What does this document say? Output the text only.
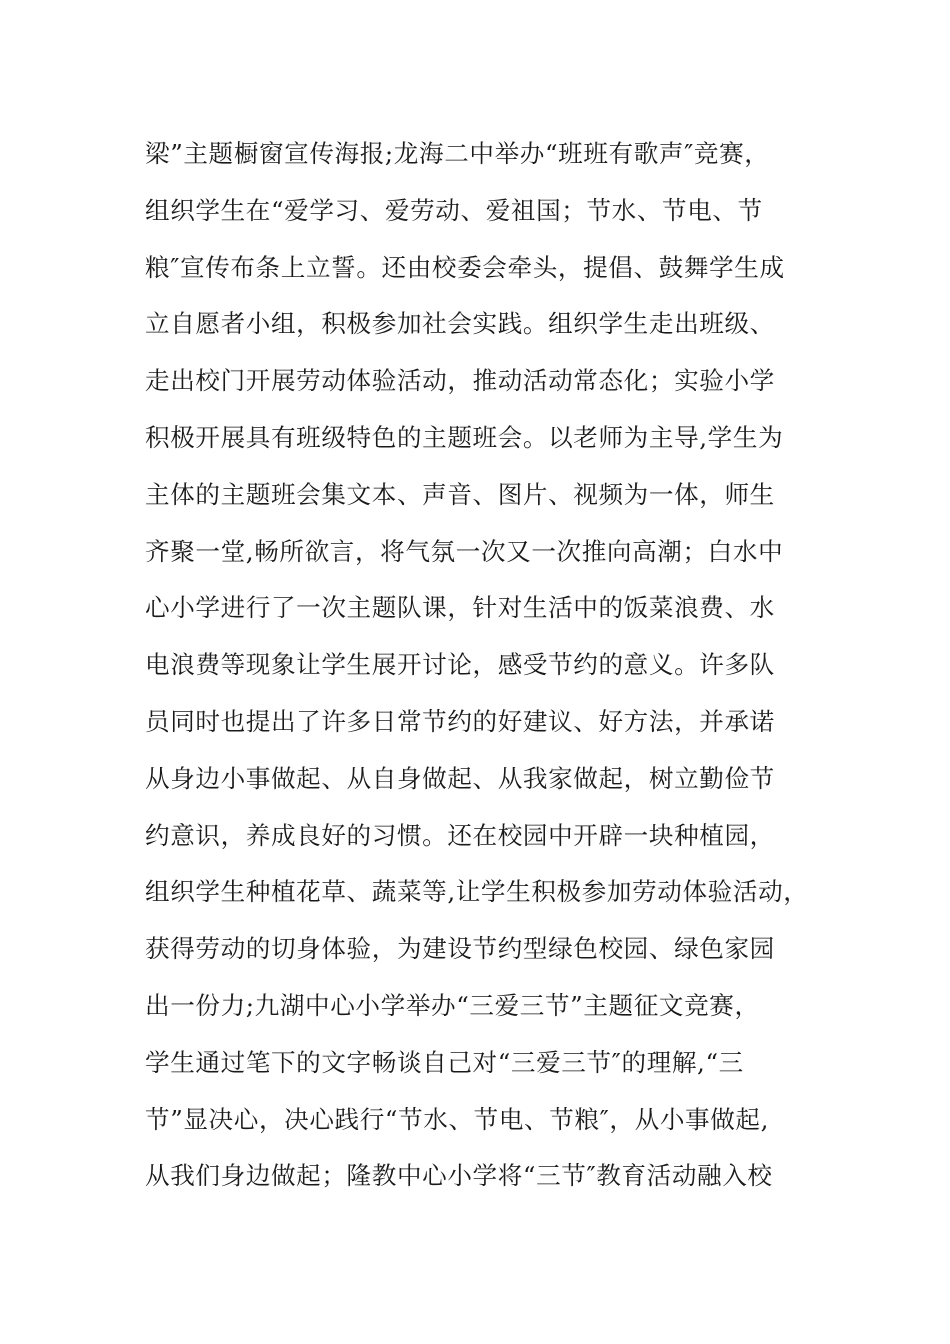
梁”主题橱窗宣传海报;龙海二中举办“班班有歌声″竞赛，
组织学生在“爱学习、爱劳动、爱祖国；节水、节电、节
粮″宣传布条上立誓。还由校委会牵头，提倡、鼓舞学生成
立自愿者小组，积极参加社会实践。组织学生走出班级、
走出校门开展劳动体验活动，推动活动常态化；实验小学
积极开展具有班级特色的主题班会。以老师为主导,学生为
主体的主题班会集文本、声音、图片、视频为一体，师生
齐聚一堂,畅所欲言，将气氛一次又一次推向高潮；白水中
心小学进行了一次主题队课，针对生活中的饭菜浪费、水
电浪费等现象让学生展开讨论，感受节约的意义。许多队
员同时也提出了许多日常节约的好建议、好方法，并承诺
从身边小事做起、从自身做起、从我家做起，树立勤俭节
约意识，养成良好的习惯。还在校园中开辟一块种植园，
组织学生种植花草、蔬菜等,让学生积极参加劳动体验活动，
获得劳动的切身体验，为建设节约型绿色校园、绿色家园
出一份力;九湖中心小学举办“三爱三节”主题征文竞赛，
学生通过笔下的文字畅谈自己对“三爱三节″的理解,“三
节”显决心，决心践行“节水、节电、节粮″，从小事做起,
从我们身边做起；隆教中心小学将“三节″教育活动融入校
